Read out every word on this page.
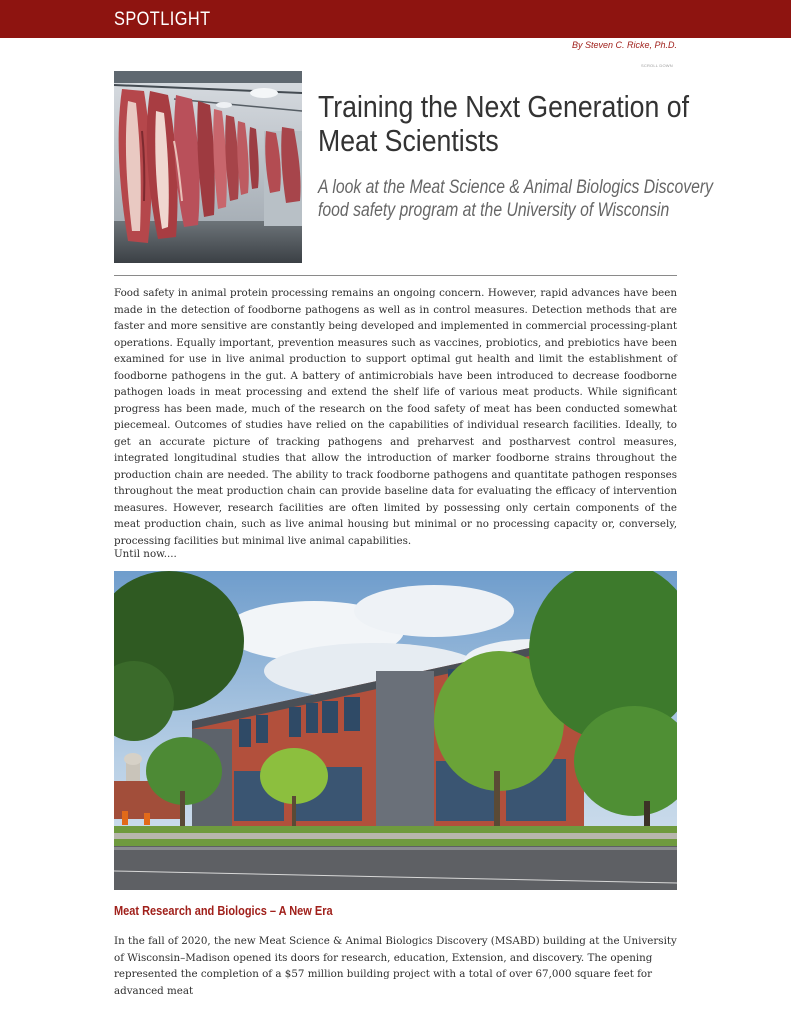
SPOTLIGHT
By Steven C. Ricke, Ph.D.
SCROLL DOWN
Training the Next Generation of
Meat Scientists
A look at the Meat Science & Animal Biologics Discovery
food safety program at the University of Wisconsin
Food safety in animal protein processing remains an ongoing concern. However, rapid advances have been made in the detection of foodborne pathogens as well as in control measures. Detection methods that are faster and more sensitive are constantly being developed and implemented in commercial processing-plant operations. Equally important, prevention measures such as vaccines, probiotics, and prebiotics have been examined for use in live animal production to support optimal gut health and limit the establishment of foodborne pathogens in the gut. A battery of antimicrobials have been introduced to decrease foodborne pathogen loads in meat processing and extend the shelf life of various meat products. While significant progress has been made, much of the research on the food safety of meat has been conducted somewhat piecemeal. Outcomes of studies have relied on the capabilities of individual research facilities. Ideally, to get an accurate picture of tracking pathogens and preharvest and postharvest control measures, integrated longitudinal studies that allow the introduction of marker foodborne strains throughout the production chain are needed. The ability to track foodborne pathogens and quantitate pathogen responses throughout the meat production chain can provide baseline data for evaluating the efficacy of intervention measures. However, research facilities are often limited by possessing only certain components of the meat production chain, such as live animal housing but minimal or no processing capacity or, conversely, processing facilities but minimal live animal capabilities.
Until now....
Meat Research and Biologics – A New Era
In the fall of 2020, the new Meat Science & Animal Biologics Discovery (MSABD) building at the University of Wisconsin–Madison opened its doors for research, education, Extension, and discovery. The opening represented the completion of a $57 million building project with a total of over 67,000 square feet for advanced meat
